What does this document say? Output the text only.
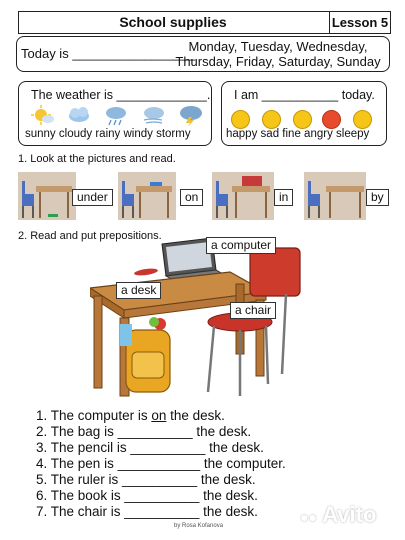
School supplies	Lesson 5
Today is _________________
Monday, Tuesday, Wednesday,
Thursday, Friday, Saturday, Sunday
The weather is _____________.
sunny cloudy rainy windy stormy
I am ___________ today.
happy sad fine angry sleepy
1. Look at the pictures and read.
under	on	in	by
2. Read and put prepositions.
a computer
a desk
a chair
1. The computer is on the desk.
2. The bag is __________ the desk.
3. The pencil is __________ the desk.
4. The pen is ___________ the computer.
5. The ruler is __________ the desk.
6. The book is __________ the desk.
7. The chair is __________ the desk.
by Rosa Kofanova
●● Avito
